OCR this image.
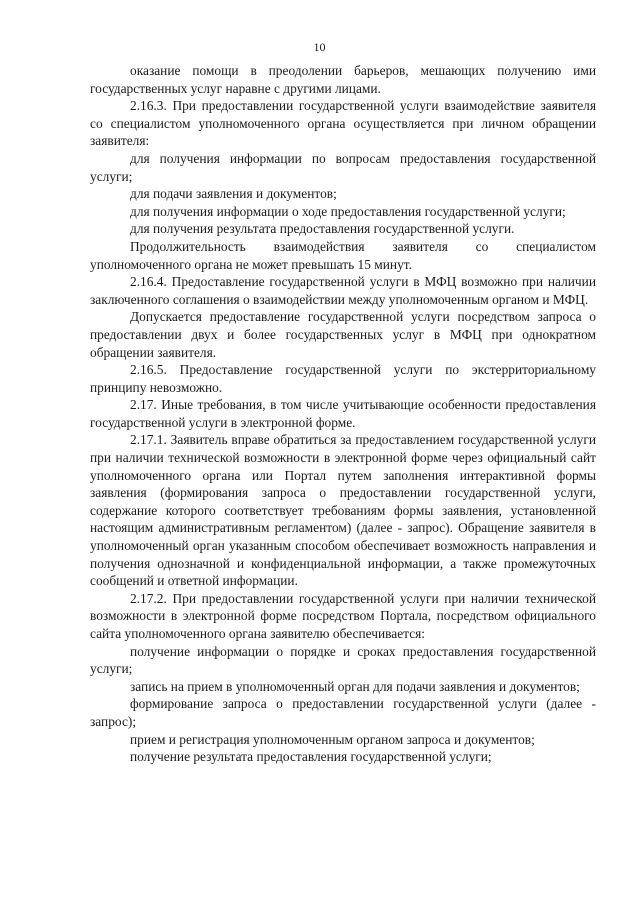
10

оказание помощи в преодолении барьеров, мешающих получению ими государственных услуг наравне с другими лицами.

2.16.3. При предоставлении государственной услуги взаимодействие заявителя со специалистом уполномоченного органа осуществляется при личном обращении заявителя:

для получения информации по вопросам предоставления государственной услуги;

для подачи заявления и документов;

для получения информации о ходе предоставления государственной услуги;

для получения результата предоставления государственной услуги.

Продолжительность взаимодействия заявителя со специалистом уполномоченного органа не может превышать 15 минут.

2.16.4. Предоставление государственной услуги в МФЦ возможно при наличии заключенного соглашения о взаимодействии между уполномоченным органом и МФЦ.

Допускается предоставление государственной услуги посредством запроса о предоставлении двух и более государственных услуг в МФЦ при однократном обращении заявителя.

2.16.5. Предоставление государственной услуги по экстерриториальному принципу невозможно.

2.17. Иные требования, в том числе учитывающие особенности предоставления государственной услуги в электронной форме.

2.17.1. Заявитель вправе обратиться за предоставлением государственной услуги при наличии технической возможности в электронной форме через официальный сайт уполномоченного органа или Портал путем заполнения интерактивной формы заявления (формирования запроса о предоставлении государственной услуги, содержание которого соответствует требованиям формы заявления, установленной настоящим административным регламентом) (далее - запрос). Обращение заявителя в уполномоченный орган указанным способом обеспечивает возможность направления и получения однозначной и конфиденциальной информации, а также промежуточных сообщений и ответной информации.

2.17.2. При предоставлении государственной услуги при наличии технической возможности в электронной форме посредством Портала, посредством официального сайта уполномоченного органа заявителю обеспечивается:

получение информации о порядке и сроках предоставления государственной услуги;

запись на прием в уполномоченный орган для подачи заявления и документов;

формирование запроса о предоставлении государственной услуги (далее - запрос);

прием и регистрация уполномоченным органом запроса и документов;

получение результата предоставления государственной услуги;
